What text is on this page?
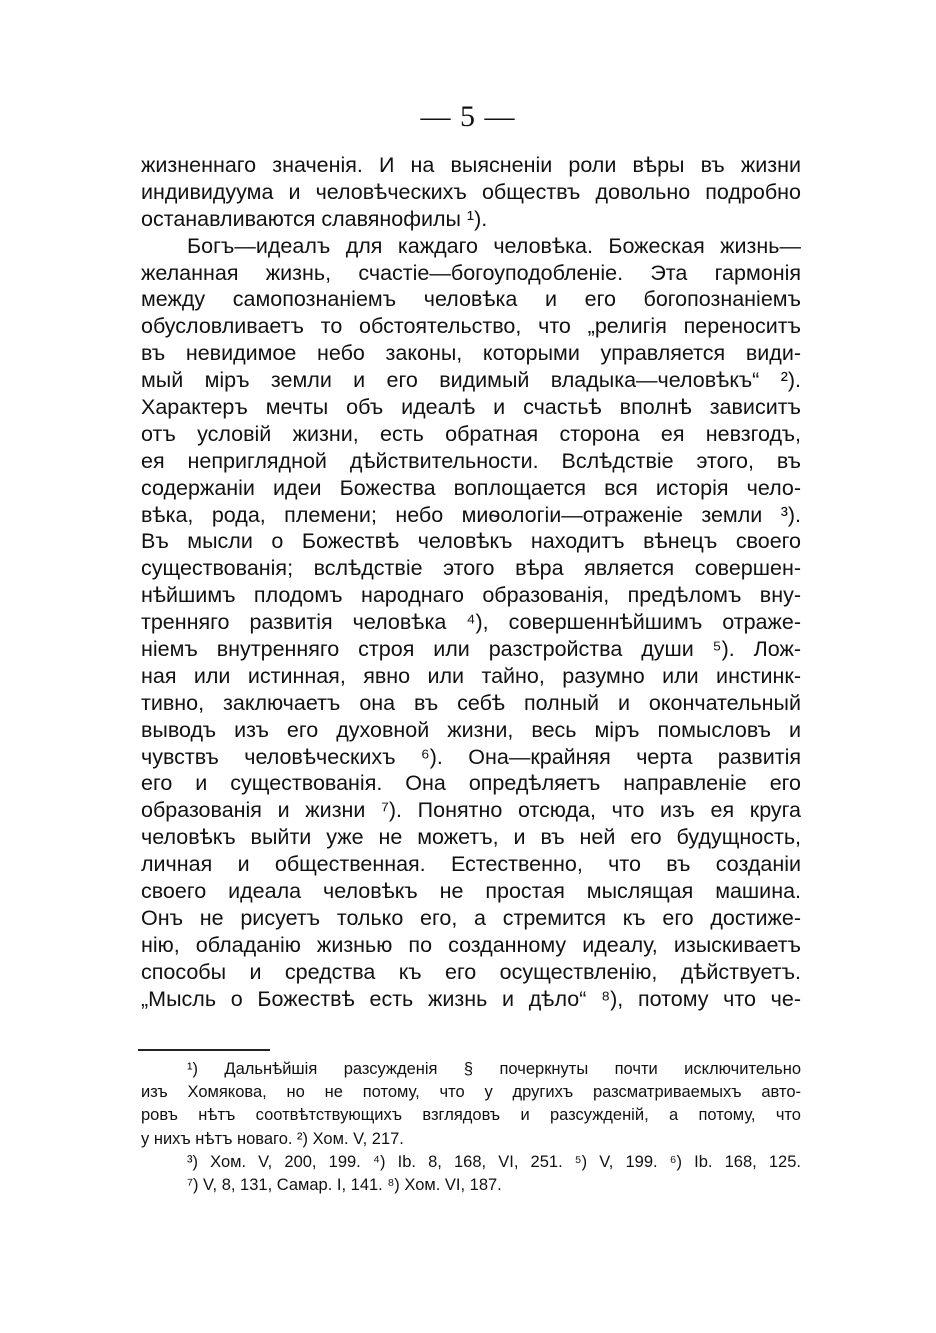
— 5 —
жизненнаго значенія. И на выясненіи роли вѣры въ жизни
индивидуума и человѣческихъ обществъ довольно подробно
останавливаются славянофилы ¹).
Богъ—идеалъ для каждаго человѣка. Божеская жизнь—
желанная жизнь, счастіе—богоуподобленіе. Эта гармонія
между самопознаніемъ человѣка и его богопознаніемъ
обусловливаетъ то обстоятельство, что „религія переноситъ
въ невидимое небо законы, которыми управляется види-
мый міръ земли и его видимый владыка—человѣкъ“ ²).
Характеръ мечты объ идеалѣ и счастьѣ вполнѣ зависитъ
отъ условій жизни, есть обратная сторона ея невзгодъ,
ея неприглядной дѣйствительности. Вслѣдствіе этого, въ
содержаніи идеи Божества воплощается вся исторія чело-
вѣка, рода, племени; небо миѳологіи—отраженіе земли ³).
Въ мысли о Божествѣ человѣкъ находитъ вѣнецъ своего
существованія; вслѣдствіе этого вѣра является совершен-
нѣйшимъ плодомъ народнаго образованія, предѣломъ вну-
тренняго развитія человѣка ⁴), совершеннѣйшимъ отраже-
ніемъ внутренняго строя или разстройства души ⁵). Лож-
ная или истинная, явно или тайно, разумно или инстинк-
тивно, заключаетъ она въ себѣ полный и окончательный
выводъ изъ его духовной жизни, весь міръ помысловъ и
чувствъ человѣческихъ ⁶). Она—крайняя черта развитія
его и существованія. Она опредѣляетъ направленіе его
образованія и жизни ⁷). Понятно отсюда, что изъ ея круга
человѣкъ выйти уже не можетъ, и въ ней его будущность,
личная и общественная. Естественно, что въ созданіи
своего идеала человѣкъ не простая мыслящая машина.
Онъ не рисуетъ только его, а стремится къ его достиже-
нію, обладанію жизнью по созданному идеалу, изыскиваетъ
способы и средства къ его осуществленію, дѣйствуетъ.
„Мысль о Божествѣ есть жизнь и дѣло“ ⁸), потому что че-
¹) Дальнѣйшія разсужденія § почеркнуты почти исключительно
изъ Хомякова, но не потому, что у другихъ разсматриваемыхъ авто-
ровъ нѣтъ соотвѣтствующихъ взглядовъ и разсужденій, а потому, что
у нихъ нѣтъ новаго. ²) Хом. V, 217.
³) Хом. V, 200, 199. ⁴) Ib. 8, 168, VI, 251. ⁵) V, 199. ⁶) Ib. 168, 125.
⁷) V, 8, 131, Самар. I, 141. ⁸) Хом. VI, 187.
